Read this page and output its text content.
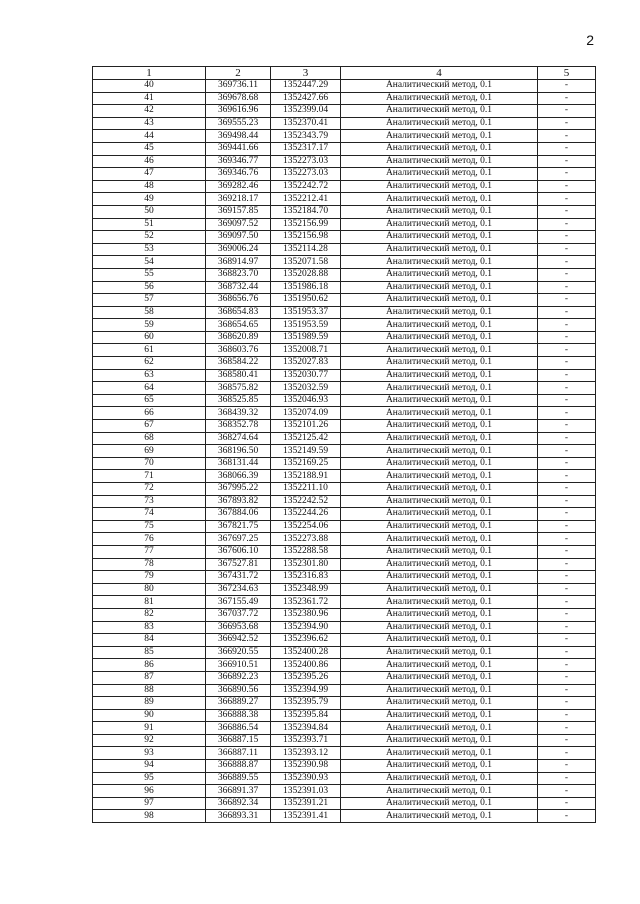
2
1	2	3	4	5
40	369736.11	1352447.29	Аналитический метод, 0.1	-
41	369678.68	1352427.66	Аналитический метод, 0.1	-
42	369616.96	1352399.04	Аналитический метод, 0.1	-
43	369555.23	1352370.41	Аналитический метод, 0.1	-
44	369498.44	1352343.79	Аналитический метод, 0.1	-
45	369441.66	1352317.17	Аналитический метод, 0.1	-
46	369346.77	1352273.03	Аналитический метод, 0.1	-
47	369346.76	1352273.03	Аналитический метод, 0.1	-
48	369282.46	1352242.72	Аналитический метод, 0.1	-
49	369218.17	1352212.41	Аналитический метод, 0.1	-
50	369157.85	1352184.70	Аналитический метод, 0.1	-
51	369097.52	1352156.99	Аналитический метод, 0.1	-
52	369097.50	1352156.98	Аналитический метод, 0.1	-
53	369006.24	1352114.28	Аналитический метод, 0.1	-
54	368914.97	1352071.58	Аналитический метод, 0.1	-
55	368823.70	1352028.88	Аналитический метод, 0.1	-
56	368732.44	1351986.18	Аналитический метод, 0.1	-
57	368656.76	1351950.62	Аналитический метод, 0.1	-
58	368654.83	1351953.37	Аналитический метод, 0.1	-
59	368654.65	1351953.59	Аналитический метод, 0.1	-
60	368620.89	1351989.59	Аналитический метод, 0.1	-
61	368603.76	1352008.71	Аналитический метод, 0.1	-
62	368584.22	1352027.83	Аналитический метод, 0.1	-
63	368580.41	1352030.77	Аналитический метод, 0.1	-
64	368575.82	1352032.59	Аналитический метод, 0.1	-
65	368525.85	1352046.93	Аналитический метод, 0.1	-
66	368439.32	1352074.09	Аналитический метод, 0.1	-
67	368352.78	1352101.26	Аналитический метод, 0.1	-
68	368274.64	1352125.42	Аналитический метод, 0.1	-
69	368196.50	1352149.59	Аналитический метод, 0.1	-
70	368131.44	1352169.25	Аналитический метод, 0.1	-
71	368066.39	1352188.91	Аналитический метод, 0.1	-
72	367995.22	1352211.10	Аналитический метод, 0.1	-
73	367893.82	1352242.52	Аналитический метод, 0.1	-
74	367884.06	1352244.26	Аналитический метод, 0.1	-
75	367821.75	1352254.06	Аналитический метод, 0.1	-
76	367697.25	1352273.88	Аналитический метод, 0.1	-
77	367606.10	1352288.58	Аналитический метод, 0.1	-
78	367527.81	1352301.80	Аналитический метод, 0.1	-
79	367431.72	1352316.83	Аналитический метод, 0.1	-
80	367234.63	1352348.99	Аналитический метод, 0.1	-
81	367155.49	1352361.72	Аналитический метод, 0.1	-
82	367037.72	1352380.96	Аналитический метод, 0.1	-
83	366953.68	1352394.90	Аналитический метод, 0.1	-
84	366942.52	1352396.62	Аналитический метод, 0.1	-
85	366920.55	1352400.28	Аналитический метод, 0.1	-
86	366910.51	1352400.86	Аналитический метод, 0.1	-
87	366892.23	1352395.26	Аналитический метод, 0.1	-
88	366890.56	1352394.99	Аналитический метод, 0.1	-
89	366889.27	1352395.79	Аналитический метод, 0.1	-
90	366888.38	1352395.84	Аналитический метод, 0.1	-
91	366886.54	1352394.84	Аналитический метод, 0.1	-
92	366887.15	1352393.71	Аналитический метод, 0.1	-
93	366887.11	1352393.12	Аналитический метод, 0.1	-
94	366888.87	1352390.98	Аналитический метод, 0.1	-
95	366889.55	1352390.93	Аналитический метод, 0.1	-
96	366891.37	1352391.03	Аналитический метод, 0.1	-
97	366892.34	1352391.21	Аналитический метод, 0.1	-
98	366893.31	1352391.41	Аналитический метод, 0.1	-
